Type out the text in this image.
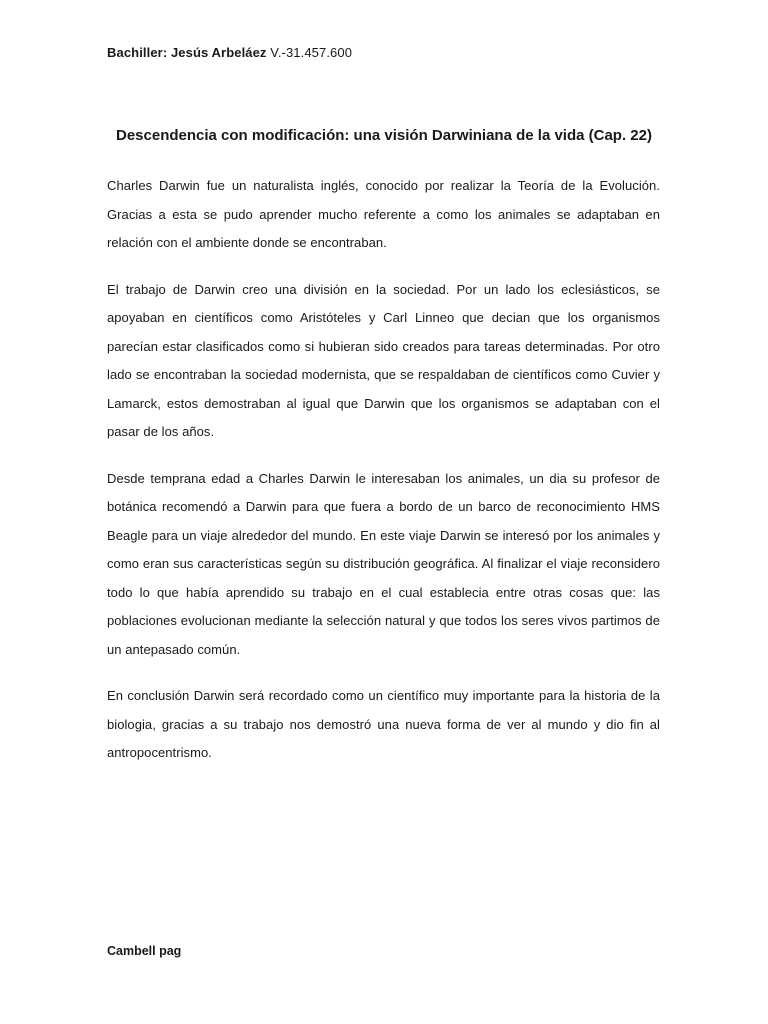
Bachiller: Jesús Arbeláez V.-31.457.600
Descendencia con modificación: una visión Darwiniana de la vida (Cap. 22)

Charles Darwin fue un naturalista inglés, conocido por realizar la Teoría de la Evolución. Gracias a esta se pudo aprender mucho referente a como los animales se adaptaban en relación con el ambiente donde se encontraban.

El trabajo de Darwin creo una división en la sociedad. Por un lado los eclesiásticos, se apoyaban en científicos como Aristóteles y Carl Linneo que decian que los organismos parecían estar clasificados como si hubieran sido creados para tareas determinadas. Por otro lado se encontraban la sociedad modernista, que se respaldaban de científicos como Cuvier y Lamarck, estos demostraban al igual que Darwin que los organismos se adaptaban con el pasar de los años.

Desde temprana edad a Charles Darwin le interesaban los animales, un dia su profesor de botánica recomendó a Darwin para que fuera a bordo de un barco de reconocimiento HMS Beagle para un viaje alrededor del mundo. En este viaje Darwin se interesó por los animales y como eran sus características según su distribución geográfica. Al finalizar el viaje reconsidero todo lo que había aprendido su trabajo en el cual establecia entre otras cosas que: las poblaciones evolucionan mediante la selección natural y que todos los seres vivos partimos de un antepasado común.

En conclusión Darwin será recordado como un científico muy importante para la historia de la biologia, gracias a su trabajo nos demostró una nueva forma de ver al mundo y dio fin al antropocentrismo.

Cambell pag
